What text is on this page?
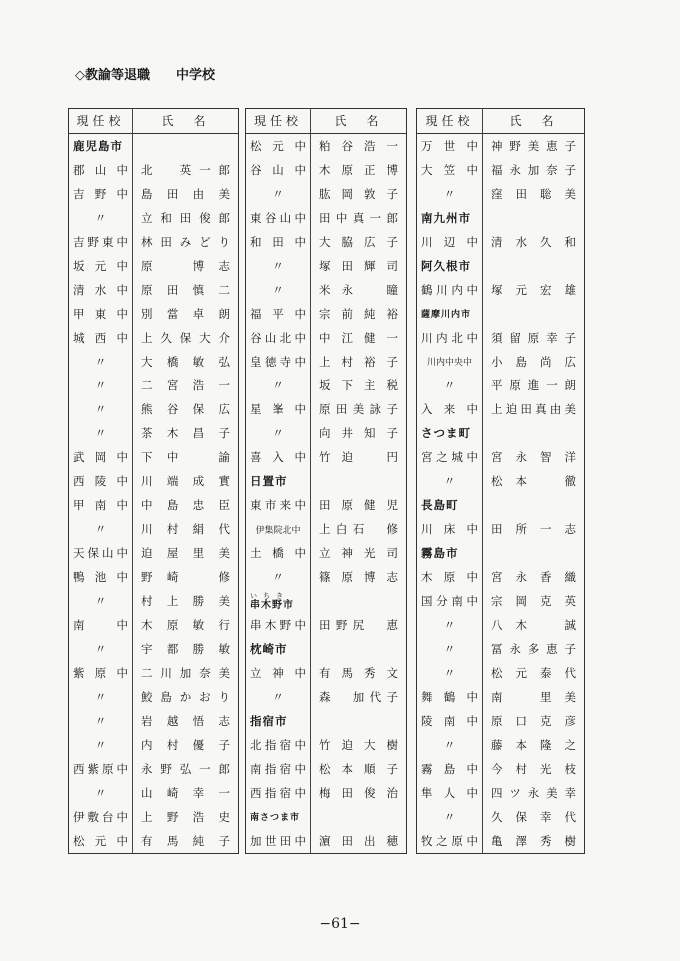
◇教諭等退職 中学校
現任校	氏　名
鹿児島市	
郡山中	北　英一郎
吉野中	島田由美
〃	立和田俊郎
吉野東中	林田みどり
坂元中	原　博志
清水中	原田慎二
甲東中	別當卓朗
城西中	上久保大介
〃	大橋敏弘
〃	二宮浩一
〃	熊谷保広
〃	茶木昌子
武岡中	下中　諭
西陵中	川端成實
甲南中	中島忠臣
〃	川村絹代
天保山中	迫屋里美
鴨池中	野崎　修
〃	村上勝美
南　中	木原敏行
〃	宇都勝敏
紫原中	二川加奈美
〃	鮫島かおり
〃	岩越悟志
〃	内村優子
西紫原中	永野弘一郎
〃	山崎幸一
伊敷台中	上野浩史
松元中	有馬純子
現任校	氏　名
松元中	粕谷浩一
谷山中	木原正博
〃	肱岡敦子
東谷山中	田中真一郎
和田中	大脇広子
〃	塚田輝司
〃	米永　瞳
福平中	宗前純裕
谷山北中	中江健一
皇徳寺中	上村裕子
〃	坂下主税
星峯中	原田美詠子
〃	向井知子
喜入中	竹迫　円
日置市	
東市来中	田原健児
伊集院北中	上白石　修
土橋中	立神光司
〃	篠原博志

いちき
串木野市	

串木野中	田野尻　恵
枕崎市	
立神中	有馬秀文
〃	森　加代子
指宿市	
北指宿中	竹迫大樹
南指宿中	松本順子
西指宿中	梅田俊治
南さつま市	
加世田中	濵田出穂
現任校	氏　名
万世中	神野美恵子
大笠中	福永加奈子
〃	窪田聡美
南九州市	
川辺中	清水久和
阿久根市	
鶴川内中	塚元宏雄
薩摩川内市	
川内北中	須留原幸子
川内中央中	小島尚広
〃	平原進一朗
入来中	上迫田真由美
さつま町	
宮之城中	宮永智洋
〃	松本　徹
長島町	
川床中	田所一志
霧島市	
木原中	宮永香織
国分南中	宗岡克英
〃	八木　誠
〃	冨永多恵子
〃	松元泰代
舞鶴中	南　里美
陵南中	原口克彦
〃	藤本隆之
霧島中	今村光枝
隼人中	四ツ永美幸
〃	久保幸代
牧之原中	亀澤秀樹
−61−
